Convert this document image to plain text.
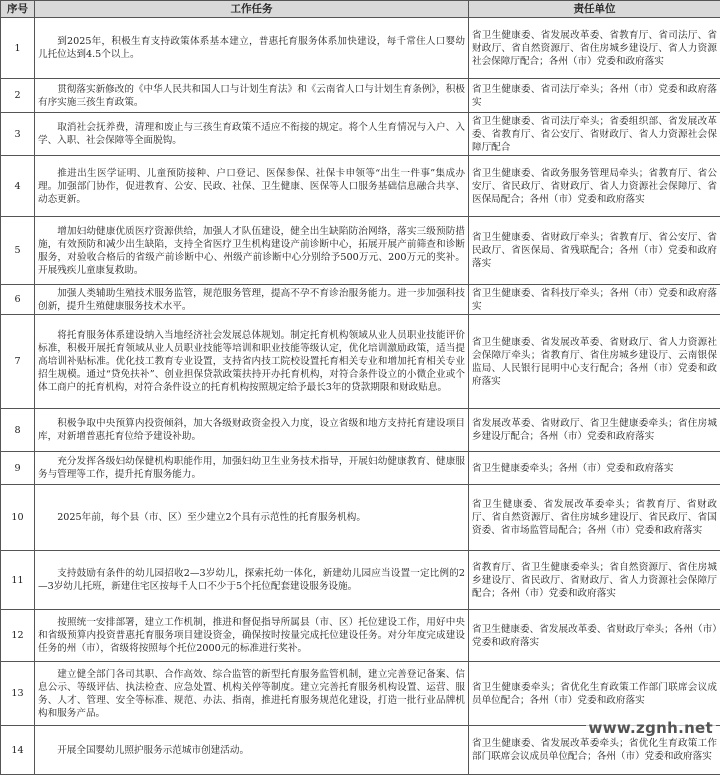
序号	工作任务	责任单位
1	到2025年，积极生育支持政策体系基本建立，普惠托育服务体系加快建设，每千常住人口婴幼儿托位达到4.5个以上。	省卫生健康委、省发展改革委、省教育厅、省司法厅、省财政厅、省自然资源厅、省住房城乡建设厅、省人力资源社会保障厅配合；各州（市）党委和政府落实
2	贯彻落实新修改的《中华人民共和国人口与计划生育法》和《云南省人口与计划生育条例》，积极有序实施三孩生育政策。	省卫生健康委、省司法厅牵头；各州（市）党委和政府落实
3	取消社会抚养费，清理和废止与三孩生育政策不适应不衔接的规定。将个人生育情况与入户、入学、入职、社会保障等全面脱钩。	省卫生健康委、省司法厅牵头；省委组织部、省发展改革委、省教育厅、省公安厅、省财政厅、省人力资源社会保障厅配合
4	推进出生医学证明、儿童预防接种、户口登记、医保参保、社保卡申领等“出生一件事”集成办理。加强部门协作，促进教育、公安、民政、社保、卫生健康、医保等人口服务基础信息融合共享、动态更新。	省卫生健康委、省政务服务管理局牵头；省教育厅、省公安厅、省民政厅、省财政厅、省人力资源社会保障厅、省医保局配合；各州（市）党委和政府落实
5	增加妇幼健康优质医疗资源供给，加强人才队伍建设，健全出生缺陷防治网络，落实三级预防措施，有效预防和减少出生缺陷，支持全省医疗卫生机构建设产前诊断中心，拓展开展产前筛查和诊断服务，对验收合格后的省级产前诊断中心、州级产前诊断中心分别给予500万元、200万元的奖补。开展残疾儿童康复救助。	省卫生健康委、省财政厅牵头；省教育厅、省公安厅、省民政厅、省医保局、省残联配合；各州（市）党委和政府落实
6	加强人类辅助生殖技术服务监管，规范服务管理，提高不孕不育诊治服务能力。进一步加强科技创新，提升生殖健康服务技术水平。	省卫生健康委、省科技厅牵头；各州（市）党委和政府落实
7	将托育服务体系建设纳入当地经济社会发展总体规划。制定托育机构领域从业人员职业技能评价标准，积极开展托育领域从业人员职业技能等培训和职业技能等级认定，优化培训激励政策，适当提高培训补贴标准。优化技工教育专业设置，支持省内技工院校设置托育相关专业和增加托育相关专业招生规模。通过“贷免扶补”、创业担保贷款政策扶持开办托育机构，对符合条件设立的小微企业或个体工商户的托育机构，对符合条件设立的托育机构按照规定给予最长3年的贷款期限和财政贴息。	省卫生健康委、省发展改革委、省财政厅、省人力资源社会保障厅牵头；省教育厅、省住房城乡建设厅、云南银保监局、人民银行昆明中心支行配合；各州（市）党委和政府落实
8	积极争取中央预算内投资倾斜，加大各级财政资金投入力度，设立省级和地方支持托育建设项目库，对新增普惠托育位给予建设补助。	省发展改革委、省财政厅、省卫生健康委牵头；省住房城乡建设厅配合；各州（市）党委和政府落实
9	充分发挥各级妇幼保健机构职能作用，加强妇幼卫生业务技术指导，开展妇幼健康教育、健康服务与管理等工作，提升托育服务能力。	省卫生健康委牵头；各州（市）党委和政府落实
10	2025年前，每个县（市、区）至少建立2个具有示范性的托育服务机构。	省卫生健康委、省发展改革委牵头；省教育厅、省财政厅、省自然资源厅、省住房城乡建设厅、省民政厅、省国资委、省市场监管局配合；各州（市）党委和政府落实
11	支持鼓励有条件的幼儿园招收2—3岁幼儿，探索托幼一体化，新建幼儿园应当设置一定比例的2—3岁幼儿托班，新建住宅区按每千人口不少于5个托位配套建设服务设施。	省教育厅、省卫生健康委牵头；省自然资源厅、省住房城乡建设厅、省民政厅、省财政厅、省人力资源社会保障厅配合；各州（市）党委和政府落实
12	按照统一安排部署，建立工作机制，推进和督促指导所属县（市、区）托位建设工作，用好中央和省级预算内投资普惠托育服务项目建设资金，确保按时按量完成托位建设任务。对分年度完成建设任务的州（市），省级将按照每个托位2000元的标准进行奖补。	省卫生健康委、省发展改革委、省财政厅牵头；各州（市）党委和政府落实
13	建立健全部门各司其职、合作高效、综合监管的新型托育服务监管机制，建立完善登记备案、信息公示、等级评估、执法检查、应急处置、机构关停等制度。建立完善托育服务机构设置、运营、服务、人才、管理、安全等标准、规范、办法、指南，推进托育服务规范化建设，打造一批行业品牌机构和服务产品。	省卫生健康委牵头；省优化生育政策工作部门联席会议成员单位配合；各州（市）党委和政府落实
14	开展全国婴幼儿照护服务示范城市创建活动。	省卫生健康委、省发展改革委牵头；省优化生育政策工作部门联席会议成员单位配合 www.zgnh.net
